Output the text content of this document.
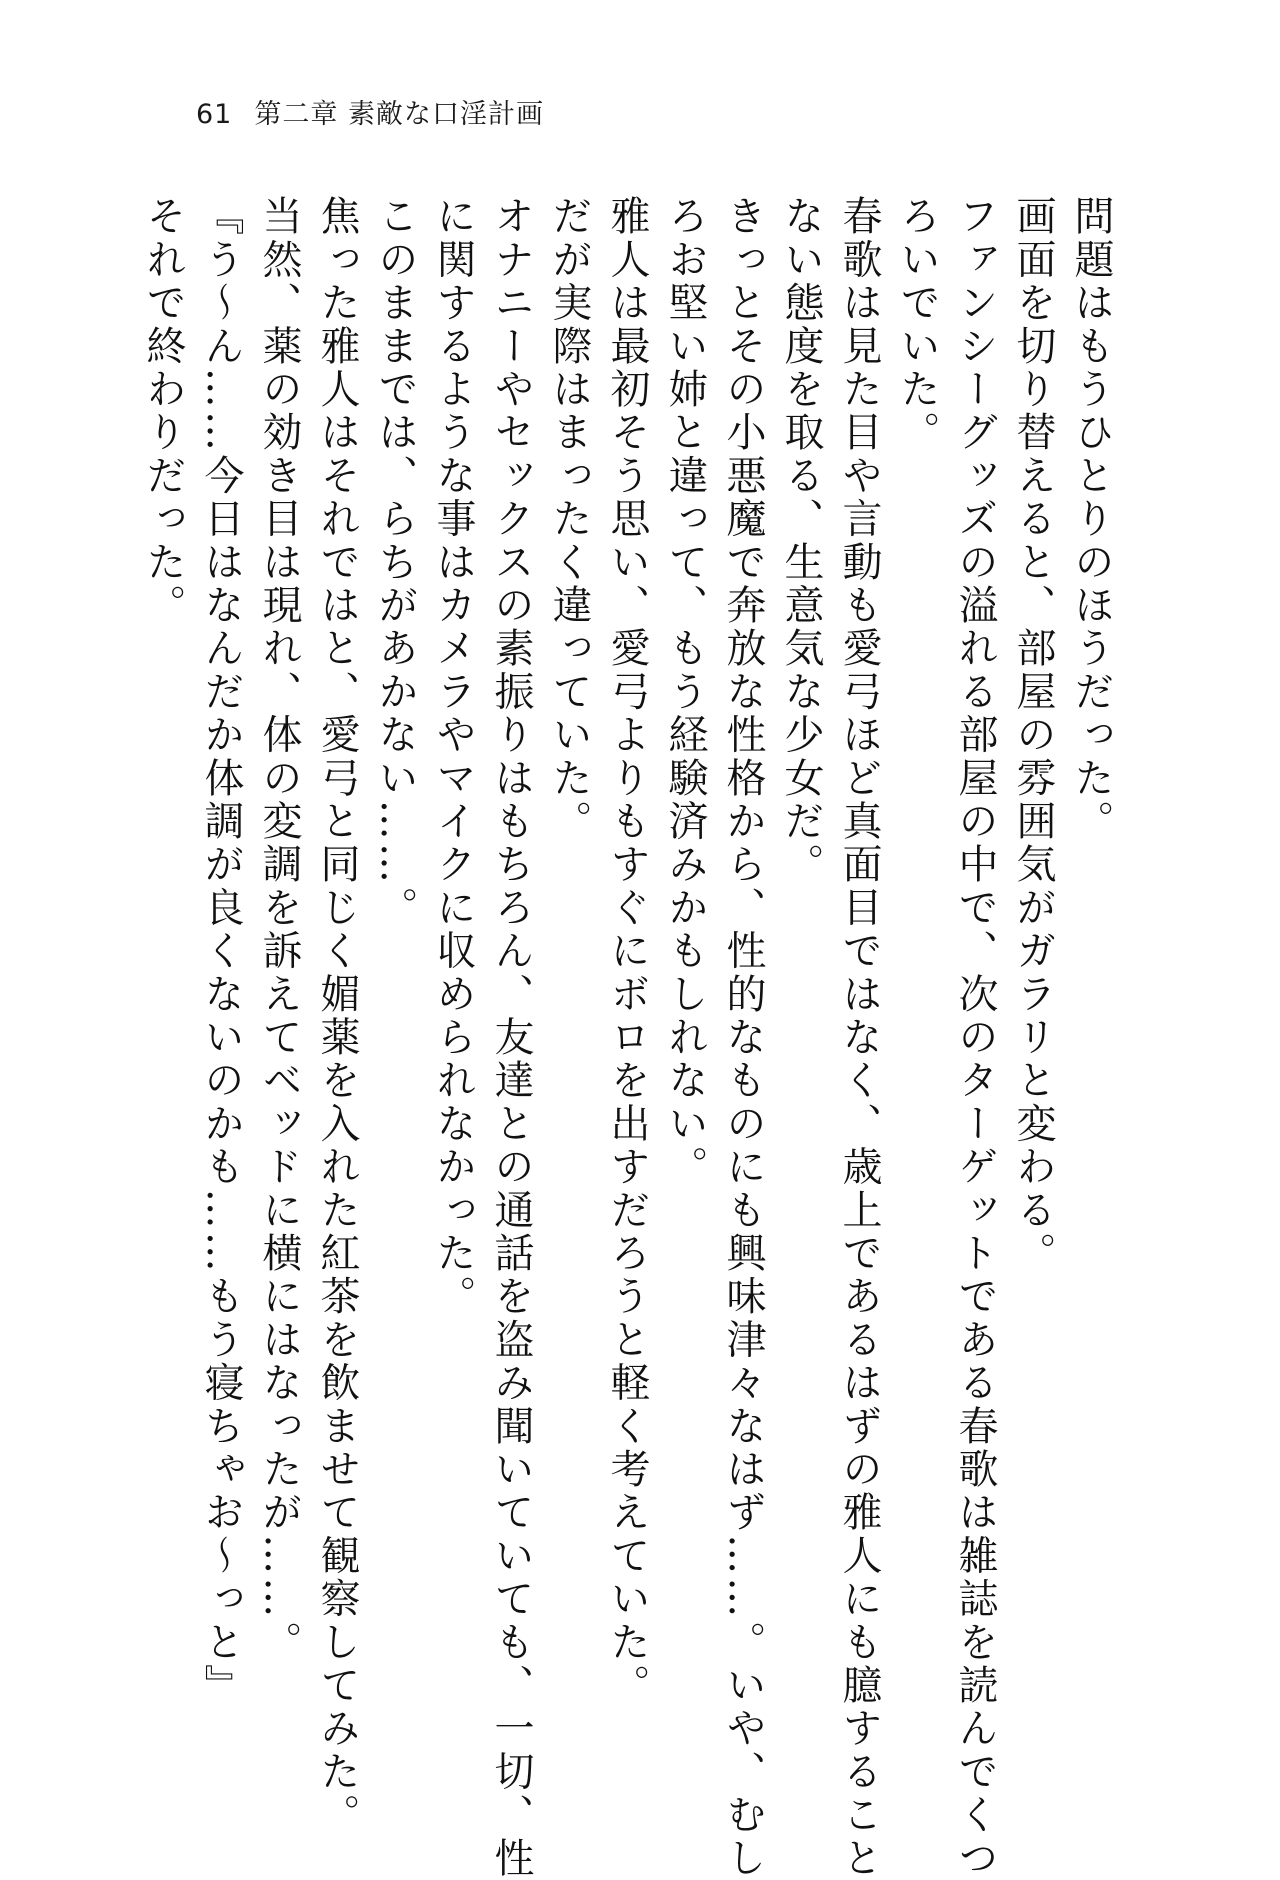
61 第二章 素敵な口淫計画
問題はもうひとりのほうだった。
画面を切り替えると、部屋の雰囲気がガラリと変わる。
ファンシーグッズの溢れる部屋の中で、次のターゲットである春歌は雑誌を読んでくつ
ろいでいた。
春歌は見た目や言動も愛弓ほど真面目ではなく、歳上であるはずの雅人にも臆すること
ない態度を取る、生意気な少女だ。
きっとその小悪魔で奔放な性格から、性的なものにも興味津々なはず……。いや、むし
ろお堅い姉と違って、もう経験済みかもしれない。
雅人は最初そう思い、愛弓よりもすぐにボロを出すだろうと軽く考えていた。
だが実際はまったく違っていた。
オナニーやセックスの素振りはもちろん、友達との通話を盗み聞いていても、一切、性
に関するような事はカメラやマイクに収められなかった。
このままでは、らちがあかない……。
焦った雅人はそれではと、愛弓と同じく媚薬を入れた紅茶を飲ませて観察してみた。
当然、薬の効き目は現れ、体の変調を訴えてベッドに横にはなったが……。
『う～ん……今日はなんだか体調が良くないのかも……もう寝ちゃお～っと』
それで終わりだった。
